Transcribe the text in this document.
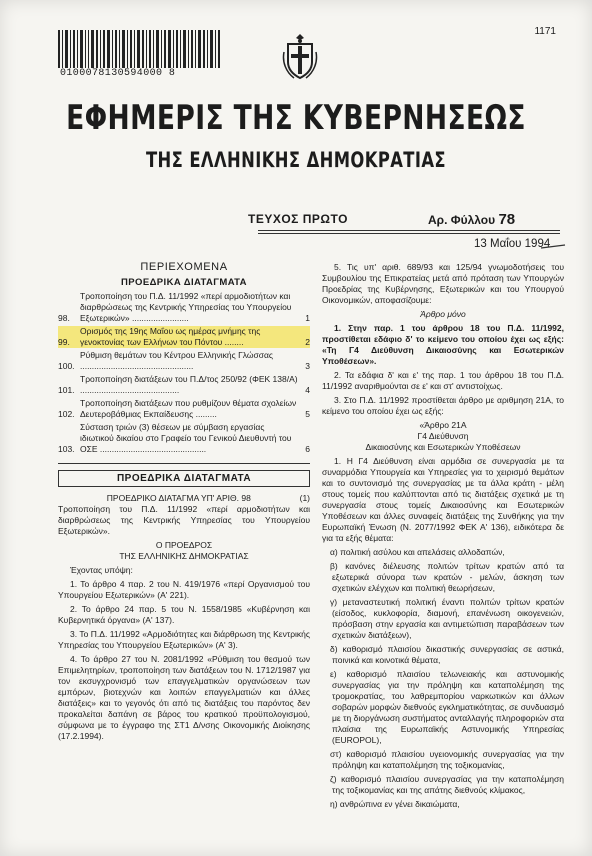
0100078130594000 8
1171
ΕΦΗΜΕΡΙΣ ΤΗΣ ΚΥΒΕΡΝΗΣΕΩΣ
ΤΗΣ ΕΛΛΗΝΙΚΗΣ ΔΗΜΟΚΡΑΤΙΑΣ
ΤΕΥΧΟΣ ΠΡΩΤΟ	Αρ. Φύλλου 78
13 Μαΐου 1994
ΠΕΡΙΕΧΟΜΕΝΑ
ΠΡΟΕΔΡΙΚΑ ΔΙΑΤΑΓΜΑΤΑ
98.
Τροποποίηση του Π.Δ. 11/1992 «περί αρμοδιοτήτων και διαρθρώσεως της Κεντρικής Υπηρεσίας του Υπουργείου Εξωτερικών» ........................	1
99.
Ορισμός της 19ης Μαΐου ως ημέρας μνήμης της γενοκτονίας των Ελλήνων του Πόντου ........	2
100.
Ρύθμιση θεμάτων του Κέντρου Ελληνικής Γλώσσας ................................................	3
101.
Τροποποίηση διατάξεων του Π.Δ/τος 250/92 (ΦΕΚ 138/Α) ..........................................	4
102.
Τροποποίηση διατάξεων που ρυθμίζουν θέματα σχολείων Δευτεροβάθμιας Εκπαίδευσης .........	5
103.
Σύσταση τριών (3) θέσεων με σύμβαση εργασίας ιδιωτικού δικαίου στο Γραφείο του Γενικού Διευθυντή του ΟΣΕ .............................................	6
ΠΡΟΕΔΡΙΚΑ ΔΙΑΤΑΓΜΑΤΑ
ΠΡΟΕΔΡΙΚΟ ΔΙΑΤΑΓΜΑ ΥΠ' ΑΡΙΘ. 98	(1)

Τροποποίηση του Π.Δ. 11/1992 «περί αρμοδιοτήτων και διαρθρώσεως της Κεντρικής Υπηρεσίας του Υπουργείου Εξωτερικών».

Ο ΠΡΟΕΔΡΟΣ
ΤΗΣ ΕΛΛΗΝΙΚΗΣ ΔΗΜΟΚΡΑΤΙΑΣ

Έχοντας υπόψη:

1. Το άρθρο 4 παρ. 2 του Ν. 419/1976 «περί Οργανισμού του Υπουργείου Εξωτερικών» (Α' 221).

2. Το άρθρο 24 παρ. 5 του Ν. 1558/1985 «Κυβέρνηση και Κυβερνητικά όργανα» (Α' 137).

3. Το Π.Δ. 11/1992 «Αρμοδιότητες και διάρθρωση της Κεντρικής Υπηρεσίας του Υπουργείου Εξωτερικών» (Α' 3).

4. Το άρθρο 27 του Ν. 2081/1992 «Ρύθμιση του θεσμού των Επιμελητηρίων, τροποποίηση των διατάξεων του Ν. 1712/1987 για τον εκσυγχρονισμό των επαγγελματικών οργανώσεων των εμπόρων, βιοτεχνών και λοιπών επαγγελματιών και άλλες διατάξεις» και το γεγονός ότι από τις διατάξεις του παρόντος δεν προκαλείται δαπάνη σε βάρος του κρατικού προϋπολογισμού, σύμφωνα με το έγγραφο της ΣΤ1 Δ/νσης Οικονομικής Διοίκησης (17.2.1994).

5. Τις υπ' αριθ. 689/93 και 125/94 γνωμοδοτήσεις του Συμβουλίου της Επικρατείας μετά από πρόταση των Υπουργών Προεδρίας της Κυβέρνησης, Εξωτερικών και του Υπουργού Οικονομικών, αποφασίζουμε:

Άρθρο μόνο

1. Στην παρ. 1 του άρθρου 18 του Π.Δ. 11/1992, προστίθεται εδάφιο δ' το κείμενο του οποίου έχει ως εξής: «Τη Γ4 Διεύθυνση Δικαιοσύνης και Εσωτερικών Υποθέσεων».

2. Τα εδάφια δ' και ε' της παρ. 1 του άρθρου 18 του Π.Δ. 11/1992 αναριθμούνται σε ε' και στ' αντιστοίχως.

3. Στο Π.Δ. 11/1992 προστίθεται άρθρο με αριθμηση 21Α, το κείμενο του οποίου έχει ως εξής:

«Άρθρο 21Α
Γ4 Διεύθυνση
Δικαιοσύνης και Εσωτερικών Υποθέσεων

1. Η Γ4 Διεύθυνση είναι αρμόδια σε συνεργασία με τα συναρμόδια Υπουργεία και Υπηρεσίες για το χειρισμό θεμάτων και το συντονισμό της συνεργασίας με τα άλλα κράτη - μέλη στους τομείς που καλύπτονται από τις διατάξεις σχετικά με τη συνεργασία στους τομείς Δικαιοσύνης και Εσωτερικών Υποθέσεων και άλλες συναφείς διατάξεις της Συνθήκης για την Ευρωπαϊκή Ένωση (Ν. 2077/1992 ΦΕΚ Α' 136), ειδικότερα δε για τα εξής θέματα:

α) πολιτική ασύλου και απελάσεις αλλοδαπών,

β) κανόνες διέλευσης πολιτών τρίτων κρατών από τα εξωτερικά σύνορα των κρατών - μελών, άσκηση των σχετικών ελέγχων και πολιτική θεωρήσεων,

γ) μεταναστευτική πολιτική έναντι πολιτών τρίτων κρατών (είσοδος, κυκλοφορία, διαμονή, επανένωση οικογενειών, πρόσβαση στην εργασία και αντιμετώπιση παραβάσεων των σχετικών διατάξεων),

δ) καθορισμό πλαισίου δικαστικής συνεργασίας σε αστικά, ποινικά και κοινοτικά θέματα,

ε) καθορισμό πλαισίου τελωνειακής και αστυνομικής συνεργασίας για την πρόληψη και καταπολέμηση της τρομοκρατίας, του λαθρεμπορίου ναρκωτικών και άλλων σοβαρών μορφών διεθνούς εγκληματικότητας, σε συνδυασμό με τη διοργάνωση συστήματος ανταλλαγής πληροφοριών στα πλαίσια της Ευρωπαϊκής Αστυνομικής Υπηρεσίας (EUROPOL),

στ) καθορισμό πλαισίου υγειονομικής συνεργασίας για την πρόληψη και καταπολέμηση της τοξικομανίας,

ζ) καθορισμό πλαισίου συνεργασίας για την καταπολέμηση της τοξικομανίας και της απάτης διεθνούς κλίμακος,

η) ανθρώπινα εν γένει δικαιώματα,
